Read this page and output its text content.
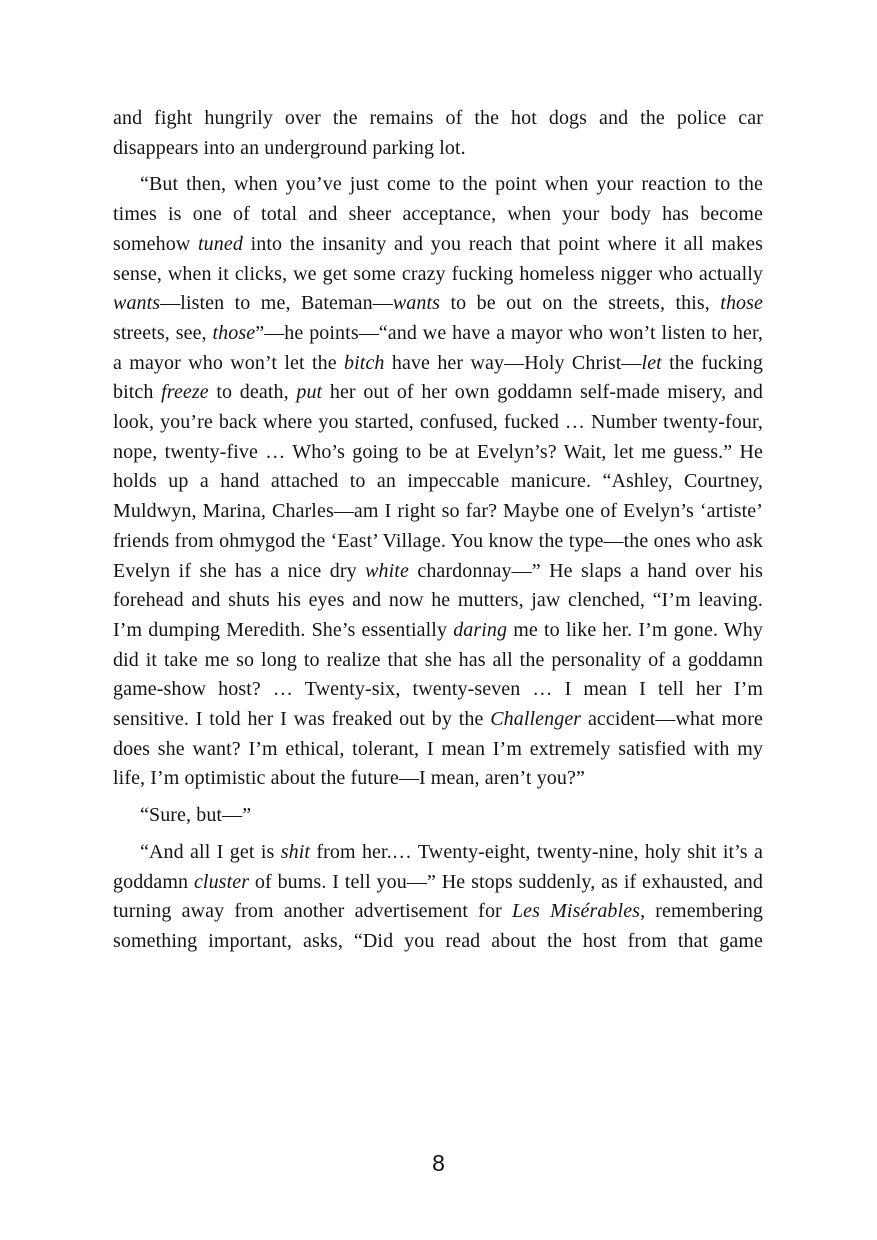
and fight hungrily over the remains of the hot dogs and the police car disappears into an underground parking lot.

“But then, when you’ve just come to the point when your reaction to the times is one of total and sheer acceptance, when your body has become somehow tuned into the insanity and you reach that point where it all makes sense, when it clicks, we get some crazy fucking homeless nigger who actually wants—listen to me, Bateman—wants to be out on the streets, this, those streets, see, those”—he points—“and we have a mayor who won’t listen to her, a mayor who won’t let the bitch have her way—Holy Christ—let the fucking bitch freeze to death, put her out of her own goddamn self-made misery, and look, you’re back where you started, confused, fucked … Number twenty-four, nope, twenty-five … Who’s going to be at Evelyn’s? Wait, let me guess.” He holds up a hand attached to an impeccable manicure. “Ashley, Courtney, Muldwyn, Marina, Charles—am I right so far? Maybe one of Evelyn’s ‘artiste’ friends from ohmygod the ‘East’ Village. You know the type—the ones who ask Evelyn if she has a nice dry white chardonnay—” He slaps a hand over his forehead and shuts his eyes and now he mutters, jaw clenched, “I’m leaving. I’m dumping Meredith. She’s essentially daring me to like her. I’m gone. Why did it take me so long to realize that she has all the personality of a goddamn game-show host? … Twenty-six, twenty-seven … I mean I tell her I’m sensitive. I told her I was freaked out by the Challenger accident—what more does she want? I’m ethical, tolerant, I mean I’m extremely satisfied with my life, I’m optimistic about the future—I mean, aren’t you?”

“Sure, but—”

“And all I get is shit from her.… Twenty-eight, twenty-nine, holy shit it’s a goddamn cluster of bums. I tell you—” He stops suddenly, as if exhausted, and turning away from another advertisement for Les Misérables, remembering something important, asks, “Did you read about the host from that game

8
